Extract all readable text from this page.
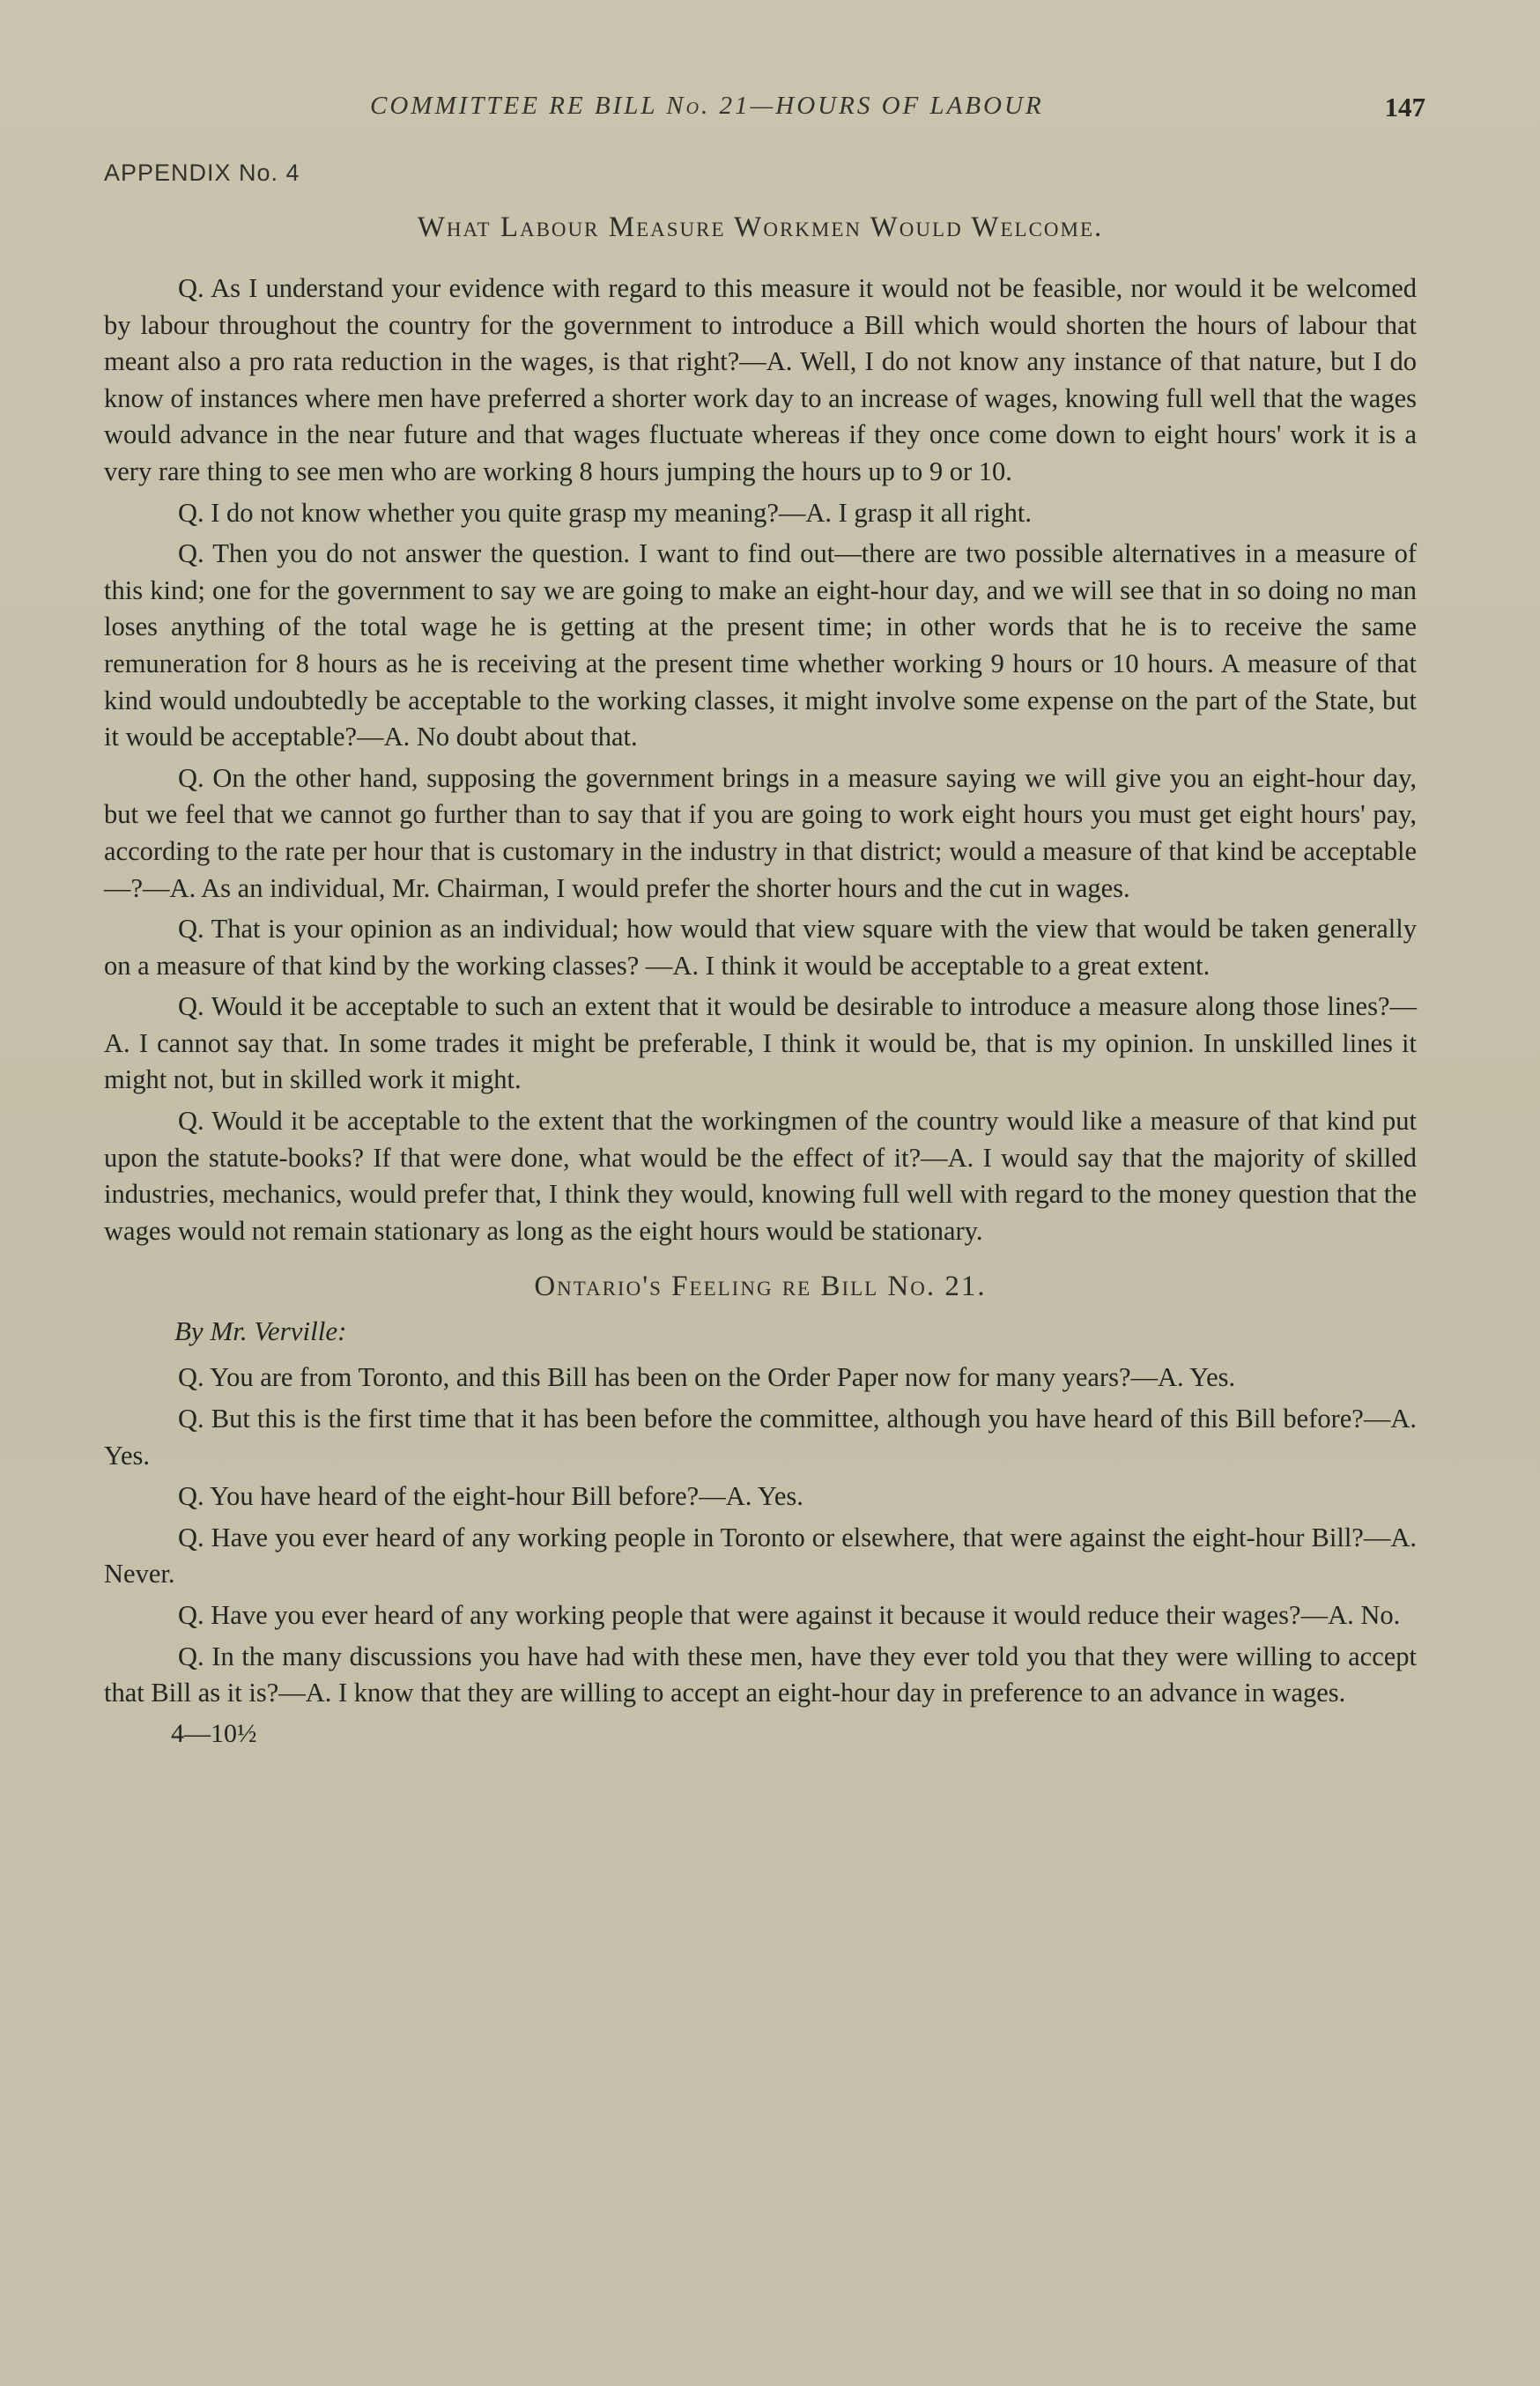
COMMITTEE RE BILL No. 21—HOURS OF LABOUR	147
APPENDIX No. 4
What Labour Measure Workmen Would Welcome.

Q. As I understand your evidence with regard to this measure it would not be feasible, nor would it be welcomed by labour throughout the country for the government to introduce a Bill which would shorten the hours of labour that meant also a pro rata reduction in the wages, is that right?—A. Well, I do not know any instance of that nature, but I do know of instances where men have preferred a shorter work day to an increase of wages, knowing full well that the wages would advance in the near future and that wages fluctuate whereas if they once come down to eight hours' work it is a very rare thing to see men who are working 8 hours jumping the hours up to 9 or 10.

Q. I do not know whether you quite grasp my meaning?—A. I grasp it all right.

Q. Then you do not answer the question. I want to find out—there are two possible alternatives in a measure of this kind; one for the government to say we are going to make an eight-hour day, and we will see that in so doing no man loses anything of the total wage he is getting at the present time; in other words that he is to receive the same remuneration for 8 hours as he is receiving at the present time whether working 9 hours or 10 hours. A measure of that kind would undoubtedly be acceptable to the working classes, it might involve some expense on the part of the State, but it would be acceptable?—A. No doubt about that.

Q. On the other hand, supposing the government brings in a measure saying we will give you an eight-hour day, but we feel that we cannot go further than to say that if you are going to work eight hours you must get eight hours' pay, according to the rate per hour that is customary in the industry in that district; would a measure of that kind be acceptable—?—A. As an individual, Mr. Chairman, I would prefer the shorter hours and the cut in wages.

Q. That is your opinion as an individual; how would that view square with the view that would be taken generally on a measure of that kind by the working classes? —A. I think it would be acceptable to a great extent.

Q. Would it be acceptable to such an extent that it would be desirable to introduce a measure along those lines?—A. I cannot say that. In some trades it might be preferable, I think it would be, that is my opinion. In unskilled lines it might not, but in skilled work it might.

Q. Would it be acceptable to the extent that the workingmen of the country would like a measure of that kind put upon the statute-books? If that were done, what would be the effect of it?—A. I would say that the majority of skilled industries, mechanics, would prefer that, I think they would, knowing full well with regard to the money question that the wages would not remain stationary as long as the eight hours would be stationary.

Ontario's Feeling re Bill No. 21.
By Mr. Verville:

Q. You are from Toronto, and this Bill has been on the Order Paper now for many years?—A. Yes.

Q. But this is the first time that it has been before the committee, although you have heard of this Bill before?—A. Yes.

Q. You have heard of the eight-hour Bill before?—A. Yes.

Q. Have you ever heard of any working people in Toronto or elsewhere, that were against the eight-hour Bill?—A. Never.

Q. Have you ever heard of any working people that were against it because it would reduce their wages?—A. No.

Q. In the many discussions you have had with these men, have they ever told you that they were willing to accept that Bill as it is?—A. I know that they are willing to accept an eight-hour day in preference to an advance in wages.

4—10½
